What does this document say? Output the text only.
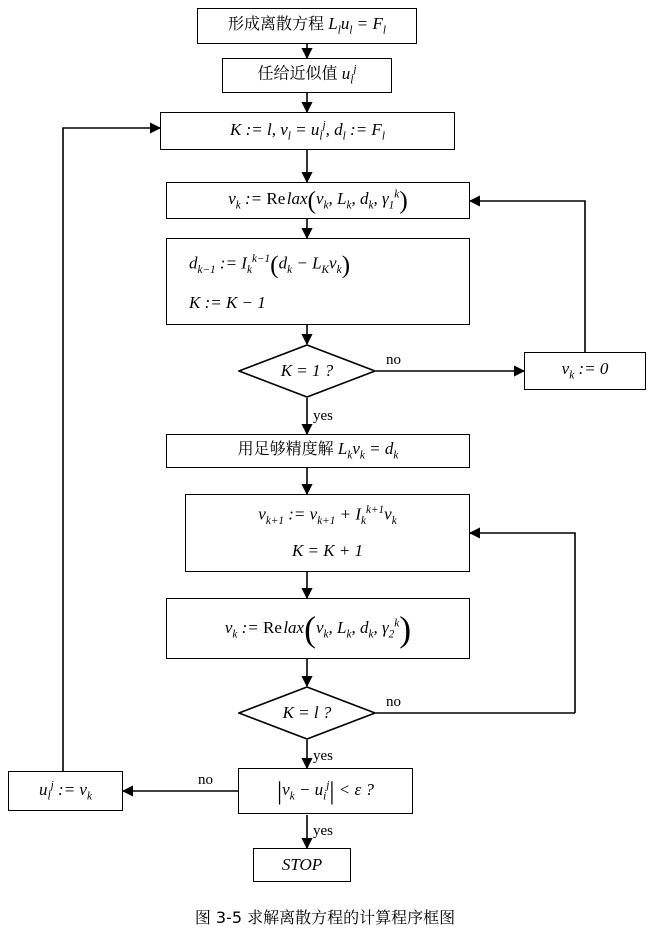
形成离散方程 $L_lu_l = F_l$
任给近似值 $u_l^j$
K := l, $v_l = u_l^j$, $d_l$ := $F_l$
$v_k$ := Re $lax(v_k$, $L_k$, $d_k$, $\gamma_1^k$)
$d_{k-1}$ := $I_k^{k-1}(d_k - L_Kv_k)$
K := K − 1
K = 1 ?
no
yes
$v_k$ := 0
用足够精度解 $L_kv_k = d_k$
$v_{k+1}$ := $v_{k+1} + I_k^{k+1}v_k$
K = K + 1
$v_k$ := Re $lax(v_k$, $L_k$, $d_k$, $\gamma_2^k$)
K = l ?
no
yes
$|v_k - u_i^j| < \varepsilon$ ?
no
yes
$u_l^j$ := $v_k$
STOP
图 3-5 求解离散方程的计算程序框图
